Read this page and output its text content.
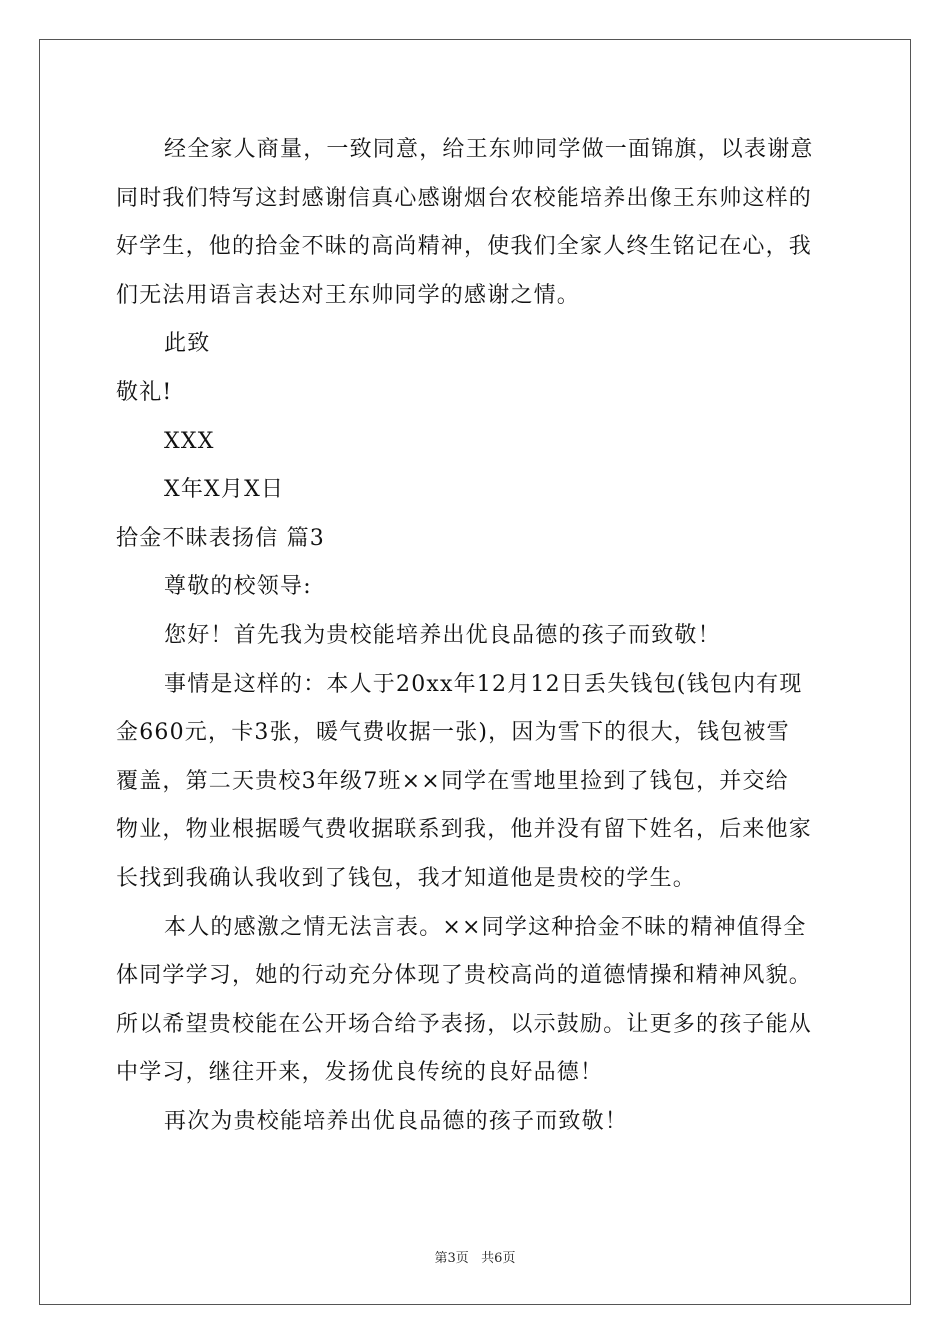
经全家人商量，一致同意，给王东帅同学做一面锦旗，以表谢意
同时我们特写这封感谢信真心感谢烟台农校能培养出像王东帅这样的
好学生，他的拾金不昧的高尚精神，使我们全家人终生铭记在心，我
们无法用语言表达对王东帅同学的感谢之情。
此致
敬礼!
XXX
X年X月X日
拾金不昧表扬信 篇3
尊敬的校领导:
您好！首先我为贵校能培养出优良品德的孩子而致敬！
事情是这样的：本人于20xx年12月12日丢失钱包(钱包内有现
金660元，卡3张，暖气费收据一张)，因为雪下的很大，钱包被雪
覆盖，第二天贵校3年级7班××同学在雪地里捡到了钱包，并交给
物业，物业根据暖气费收据联系到我，他并没有留下姓名，后来他家
长找到我确认我收到了钱包，我才知道他是贵校的学生。
本人的感激之情无法言表。××同学这种拾金不昧的精神值得全
体同学学习，她的行动充分体现了贵校高尚的道德情操和精神风貌。
所以希望贵校能在公开场合给予表扬，以示鼓励。让更多的孩子能从
中学习，继往开来，发扬优良传统的良好品德！
再次为贵校能培养出优良品德的孩子而致敬！
第3页   共6页
